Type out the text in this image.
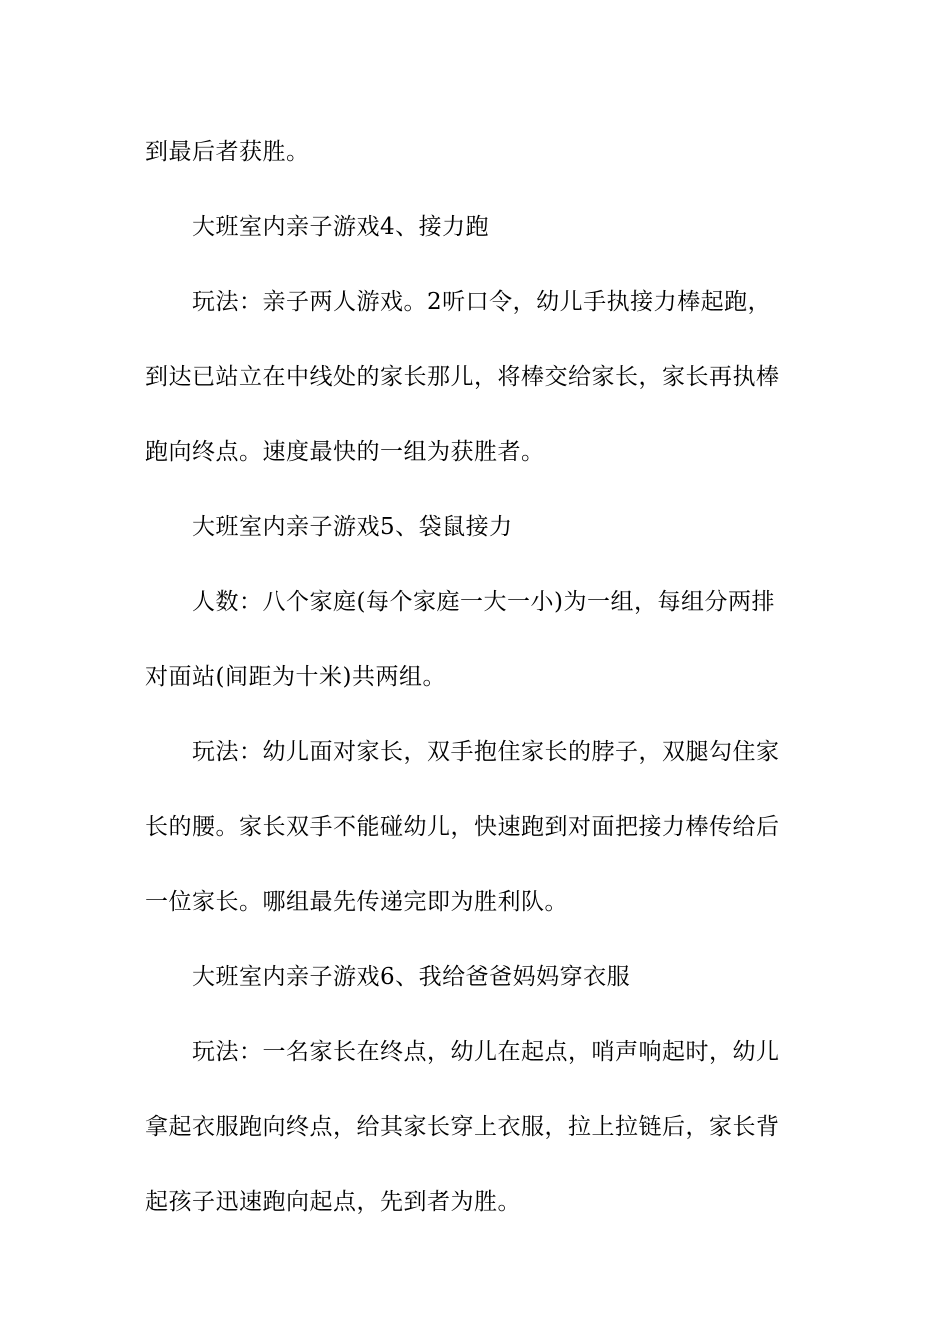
到最后者获胜。
大班室内亲子游戏4、接力跑
玩法：亲子两人游戏。2听口令，幼儿手执接力棒起跑，
到达已站立在中线处的家长那儿，将棒交给家长，家长再执棒
跑向终点。速度最快的一组为获胜者。
大班室内亲子游戏5、袋鼠接力
人数：八个家庭(每个家庭一大一小)为一组，每组分两排
对面站(间距为十米)共两组。
玩法：幼儿面对家长，双手抱住家长的脖子，双腿勾住家
长的腰。家长双手不能碰幼儿，快速跑到对面把接力棒传给后
一位家长。哪组最先传递完即为胜利队。
大班室内亲子游戏6、我给爸爸妈妈穿衣服
玩法：一名家长在终点，幼儿在起点，哨声响起时，幼儿
拿起衣服跑向终点，给其家长穿上衣服，拉上拉链后，家长背
起孩子迅速跑向起点，先到者为胜。
